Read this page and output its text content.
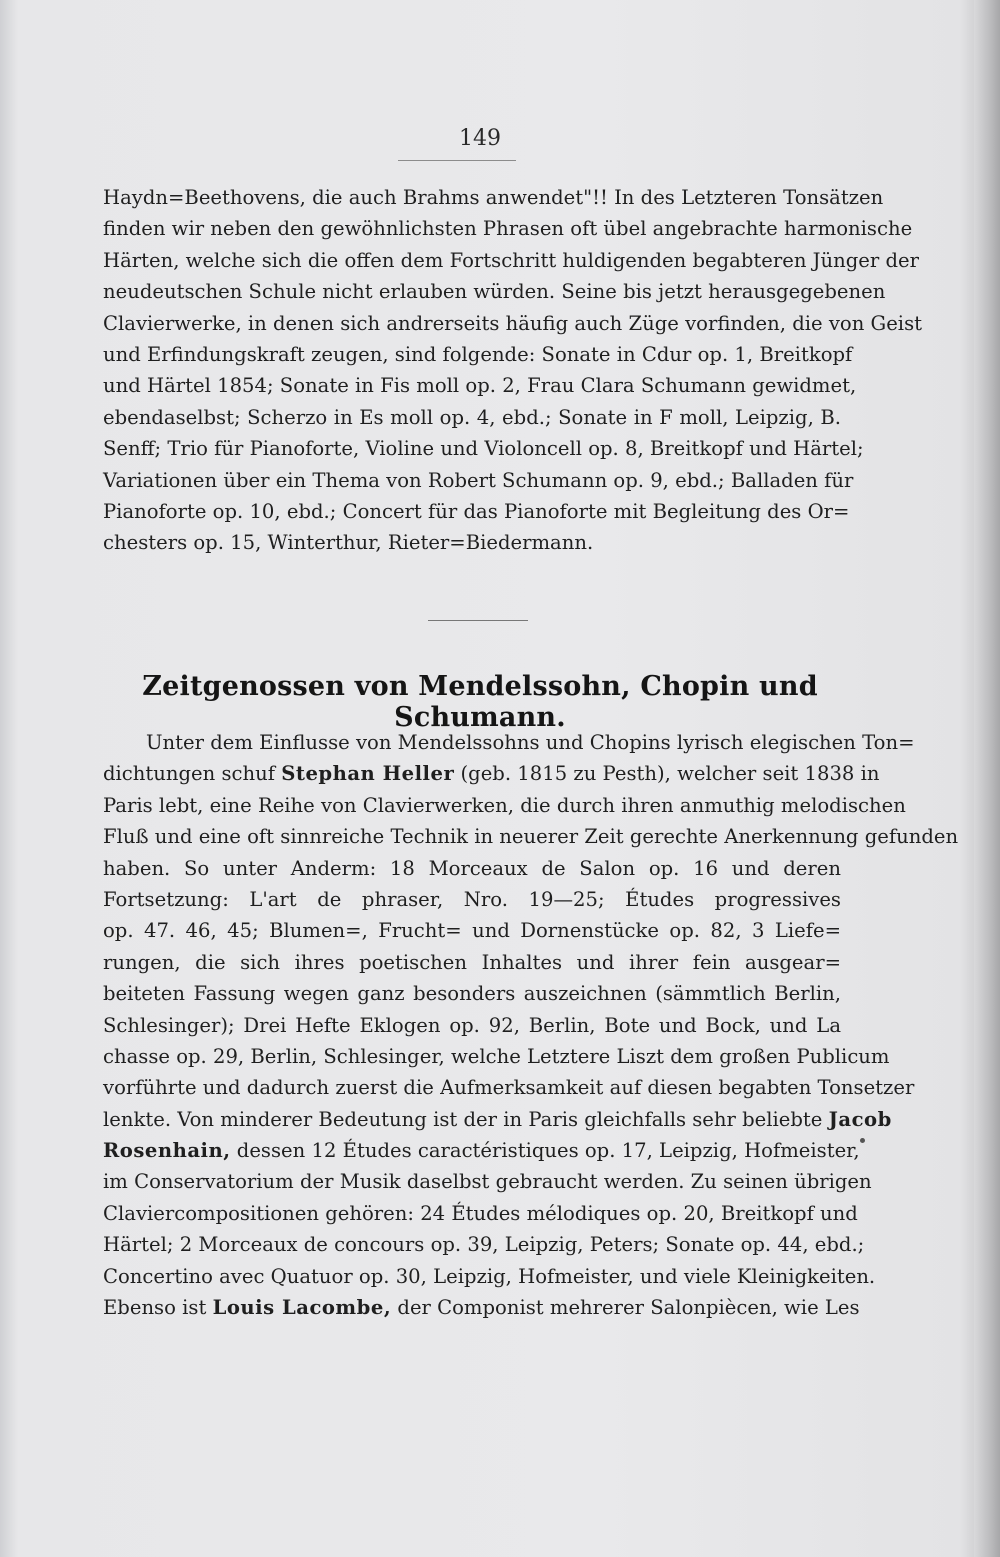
149
Haydn=Beethovens, die auch Brahms anwendet"!! In des Letzteren Tonsätzen
finden wir neben den gewöhnlichsten Phrasen oft übel angebrachte harmonische
Härten, welche sich die offen dem Fortschritt huldigenden begabteren Jünger der
neudeutschen Schule nicht erlauben würden. Seine bis jetzt herausgegebenen
Clavierwerke, in denen sich andrerseits häufig auch Züge vorfinden, die von Geist
und Erfindungskraft zeugen, sind folgende: Sonate in Cdur op. 1, Breitkopf
und Härtel 1854; Sonate in Fis moll op. 2, Frau Clara Schumann gewidmet,
ebendaselbst; Scherzo in Es moll op. 4, ebd.; Sonate in F moll, Leipzig, B.
Senff; Trio für Pianoforte, Violine und Violoncell op. 8, Breitkopf und Härtel;
Variationen über ein Thema von Robert Schumann op. 9, ebd.; Balladen für
Pianoforte op. 10, ebd.; Concert für das Pianoforte mit Begleitung des Or=
chesters op. 15, Winterthur, Rieter=Biedermann.
Zeitgenossen von Mendelssohn, Chopin und Schumann.
Unter dem Einflusse von Mendelssohns und Chopins lyrisch elegischen Ton=
dichtungen schuf Stephan Heller (geb. 1815 zu Pesth), welcher seit 1838 in
Paris lebt, eine Reihe von Clavierwerken, die durch ihren anmuthig melodischen
Fluß und eine oft sinnreiche Technik in neuerer Zeit gerechte Anerkennung gefunden
haben. So unter Anderm: 18 Morceaux de Salon op. 16 und deren
Fortsetzung: L'art de phraser, Nro. 19—25; Études progressives
op. 47. 46, 45; Blumen=, Frucht= und Dornenstücke op. 82, 3 Liefe=
rungen, die sich ihres poetischen Inhaltes und ihrer fein ausgear=
beiteten Fassung wegen ganz besonders auszeichnen (sämmtlich Berlin,
Schlesinger); Drei Hefte Eklogen op. 92, Berlin, Bote und Bock, und La
chasse op. 29, Berlin, Schlesinger, welche Letztere Liszt dem großen Publicum
vorführte und dadurch zuerst die Aufmerksamkeit auf diesen begabten Tonsetzer
lenkte. Von minderer Bedeutung ist der in Paris gleichfalls sehr beliebte Jacob
Rosenhain, dessen 12 Études caractéristiques op. 17, Leipzig, Hofmeister,
im Conservatorium der Musik daselbst gebraucht werden. Zu seinen übrigen
Claviercompositionen gehören: 24 Études mélodiques op. 20, Breitkopf und
Härtel; 2 Morceaux de concours op. 39, Leipzig, Peters; Sonate op. 44, ebd.;
Concertino avec Quatuor op. 30, Leipzig, Hofmeister, und viele Kleinigkeiten.
Ebenso ist Louis Lacombe, der Componist mehrerer Salonpiècen, wie Les
